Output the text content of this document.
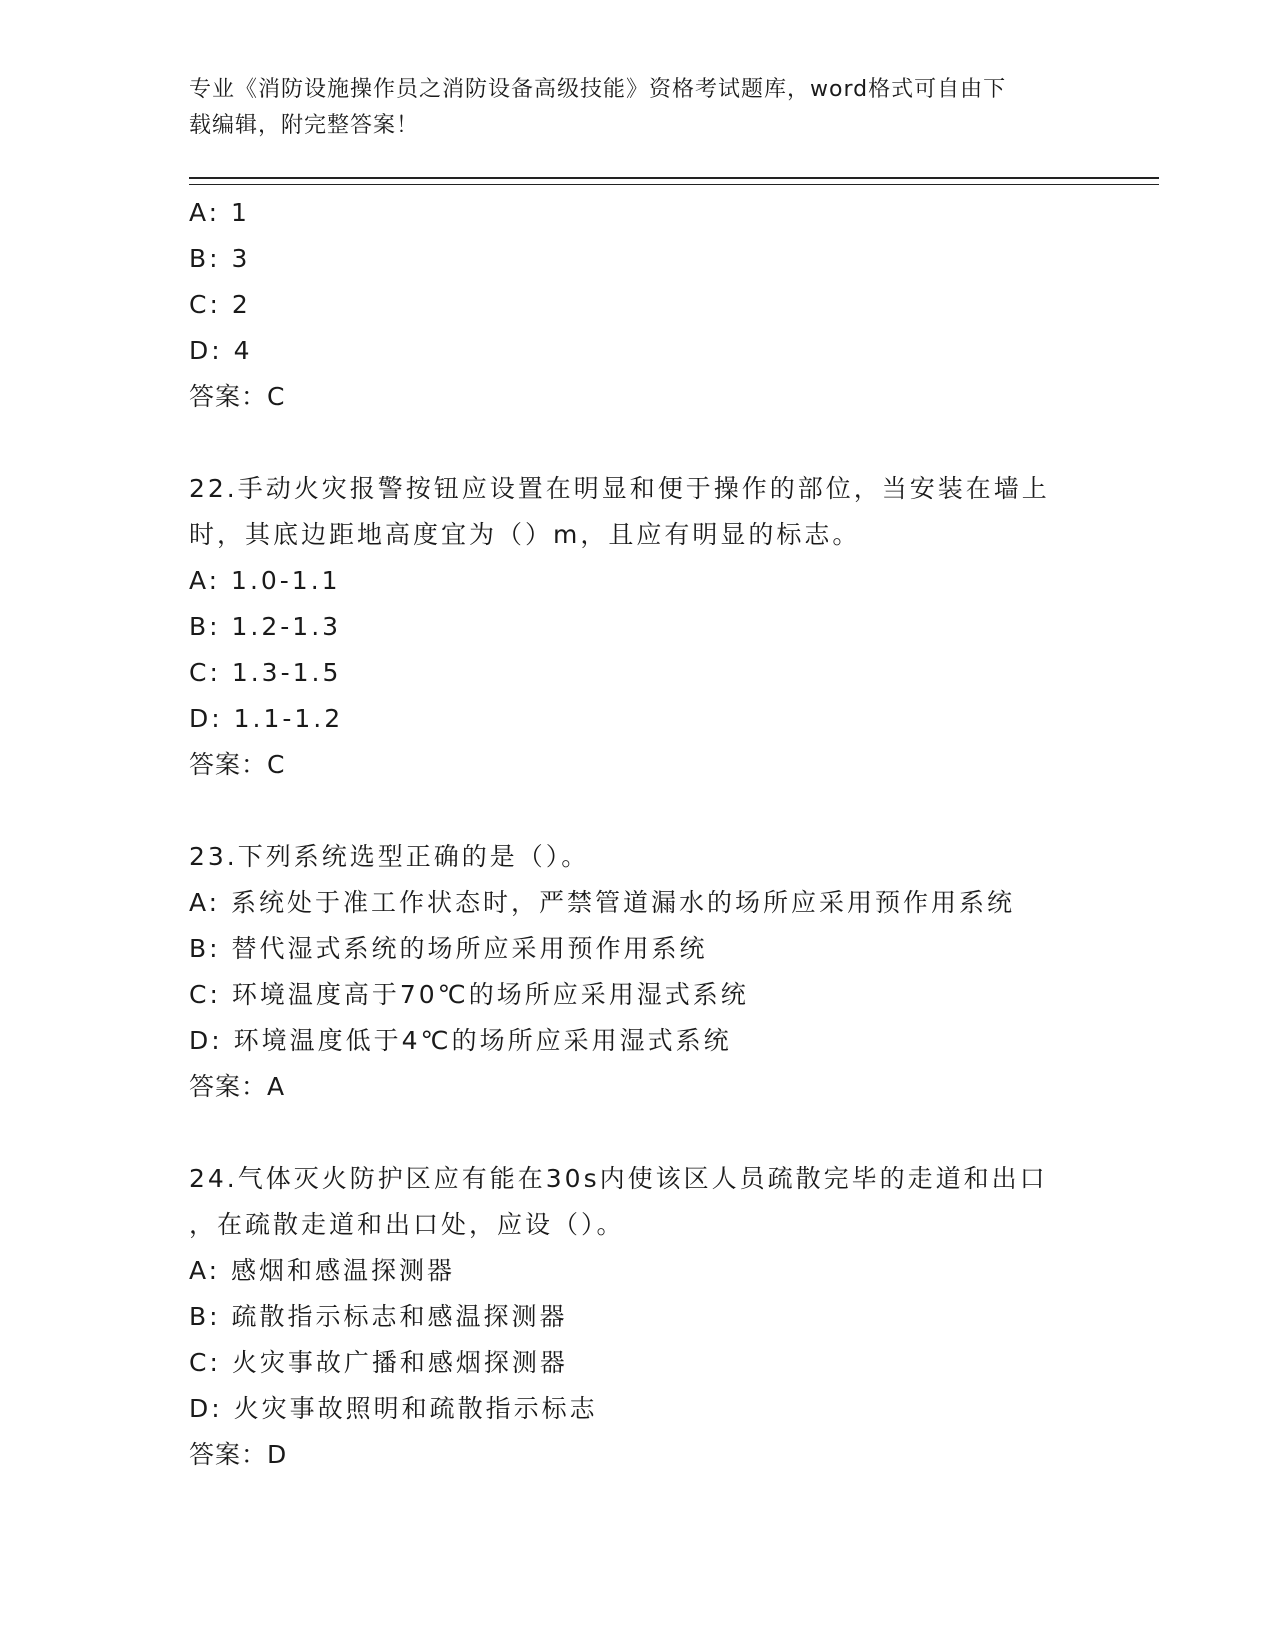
专业《消防设施操作员之消防设备高级技能》资格考试题库，word格式可自由下
载编辑，附完整答案！
A: 1
B: 3
C: 2
D: 4
答案：C
22.手动火灾报警按钮应设置在明显和便于操作的部位，当安装在墙上
时，其底边距地高度宜为（）m，且应有明显的标志。
A: 1.0-1.1
B: 1.2-1.3
C: 1.3-1.5
D: 1.1-1.2
答案：C
23.下列系统选型正确的是（）。
A: 系统处于准工作状态时，严禁管道漏水的场所应采用预作用系统
B: 替代湿式系统的场所应采用预作用系统
C: 环境温度高于70℃的场所应采用湿式系统
D: 环境温度低于4℃的场所应采用湿式系统
答案：A
24.气体灭火防护区应有能在30s内使该区人员疏散完毕的走道和出口
，在疏散走道和出口处，应设（）。
A: 感烟和感温探测器
B: 疏散指示标志和感温探测器
C: 火灾事故广播和感烟探测器
D: 火灾事故照明和疏散指示标志
答案：D
